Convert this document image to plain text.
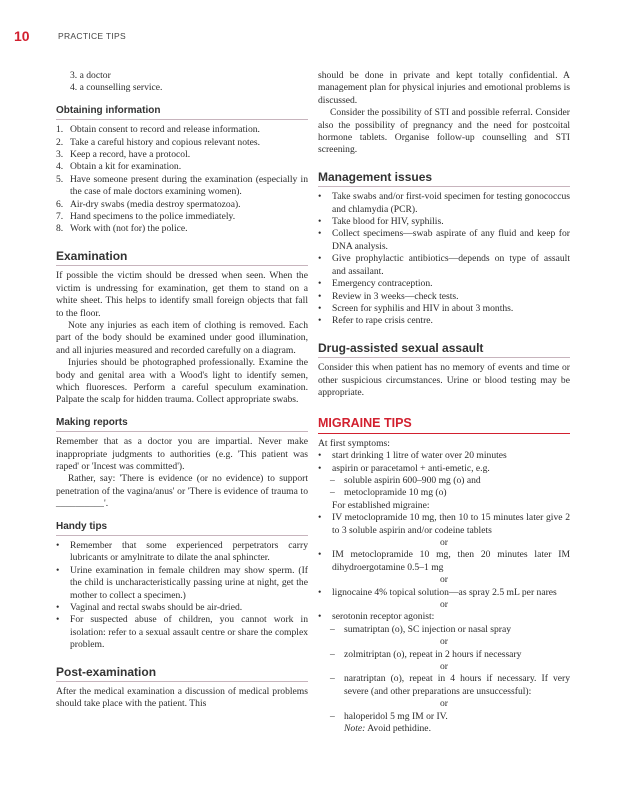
10	PRACTICE TIPS
3. a doctor
4. a counselling service.
Obtaining information
1. Obtain consent to record and release information.
2. Take a careful history and copious relevant notes.
3. Keep a record, have a protocol.
4. Obtain a kit for examination.
5. Have someone present during the examination (especially in the case of male doctors examining women).
6. Air-dry swabs (media destroy spermatozoa).
7. Hand specimens to the police immediately.
8. Work with (not for) the police.
Examination

If possible the victim should be dressed when seen. When the victim is undressing for examination, get them to stand on a white sheet. This helps to identify small foreign objects that fall to the floor.

Note any injuries as each item of clothing is removed. Each part of the body should be examined under good illumination, and all injuries measured and recorded carefully on a diagram.

Injuries should be photographed professionally. Examine the body and genital area with a Wood's light to identify semen, which fluoresces. Perform a careful speculum examination. Palpate the scalp for hidden trauma. Collect appropriate swabs.

Making reports

Remember that as a doctor you are impartial. Never make inappropriate judgments to authorities (e.g. 'This patient was raped' or 'Incest was committed').

Rather, say: 'There is evidence (or no evidence) to support penetration of the vagina/anus' or 'There is evidence of trauma to __________'.

Handy tips
• Remember that some experienced perpetrators carry lubricants or amylnitrate to dilate the anal sphincter.
• Urine examination in female children may show sperm. (If the child is uncharacteristically passing urine at night, get the mother to collect a specimen.)
• Vaginal and rectal swabs should be air-dried.
• For suspected abuse of children, you cannot work in isolation: refer to a sexual assault centre or share the complex problem.
Post-examination

After the medical examination a discussion of medical problems should take place with the patient. This

should be done in private and kept totally confidential. A management plan for physical injuries and emotional problems is discussed.

Consider the possibility of STI and possible referral. Consider also the possibility of pregnancy and the need for postcoital hormone tablets. Organise follow-up counselling and STI screening.

Management issues
• Take swabs and/or first-void specimen for testing gonococcus and chlamydia (PCR).
• Take blood for HIV, syphilis.
• Collect specimens—swab aspirate of any fluid and keep for DNA analysis.
• Give prophylactic antibiotics—depends on type of assault and assailant.
• Emergency contraception.
• Review in 3 weeks—check tests.
• Screen for syphilis and HIV in about 3 months.
• Refer to rape crisis centre.
Drug-assisted sexual assault

Consider this when patient has no memory of events and time or other suspicious circumstances. Urine or blood testing may be appropriate.

MIGRAINE TIPS

At first symptoms:

• start drinking 1 litre of water over 20 minutes
• aspirin or paracetamol + anti-emetic, e.g.
– soluble aspirin 600–900 mg (o) and
– metoclopramide 10 mg (o)
For established migraine:
• IV metoclopramide 10 mg, then 10 to 15 minutes later give 2 to 3 soluble aspirin and/or codeine tablets
or
• IM metoclopramide 10 mg, then 20 minutes later IM dihydroergotamine 0.5–1 mg
or
• lignocaine 4% topical solution—as spray 2.5 mL per nares
or
• serotonin receptor agonist:
– sumatriptan (o), SC injection or nasal spray
or
– zolmitriptan (o), repeat in 2 hours if necessary
or
– naratriptan (o), repeat in 4 hours if necessary. If very severe (and other preparations are unsuccessful):
or
– haloperidol 5 mg IM or IV.
Note: Avoid pethidine.
